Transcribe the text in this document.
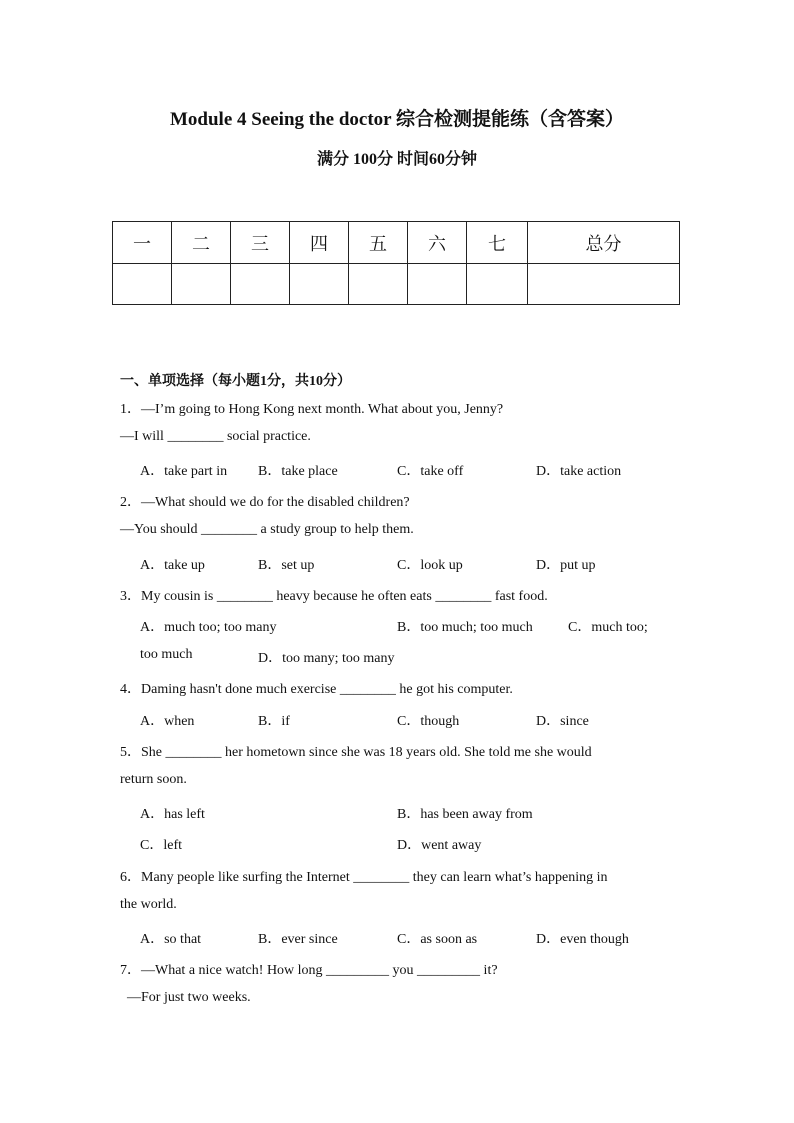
Module 4 Seeing the doctor 综合检测提能练（含答案）
满分 100分 时间60分钟
一	二	三	四	五	六	七	总分

一、单项选择（每小题1分，共10分）
1．—I’m going to Hong Kong next month. What about you, Jenny?
—I will ________ social practice.
A．take part in B．take place	C．take off	D．take action
2．—What should we do for the disabled children?
—You should ________ a study group to help them.
A．take up	B．set up	C．look up	D．put up
3．My cousin is ________ heavy because he often eats ________ fast food.
A．much too; too many	B．too much; too much	C．much too;
too much	D．too many; too many
4．Daming hasn't done much exercise ________ he got his computer.
A．when	B．if	C．though	D．since
5．She ________ her hometown since she was 18 years old. She told me she would
return soon.
A．has left	B．has been away from
C．left	D．went away
6．Many people like surfing the Internet ________ they can learn what’s happening in
the world.
A．so that	B．ever since	C．as soon as	D．even though
7．—What a nice watch! How long _________ you _________ it?
—For just two weeks.
